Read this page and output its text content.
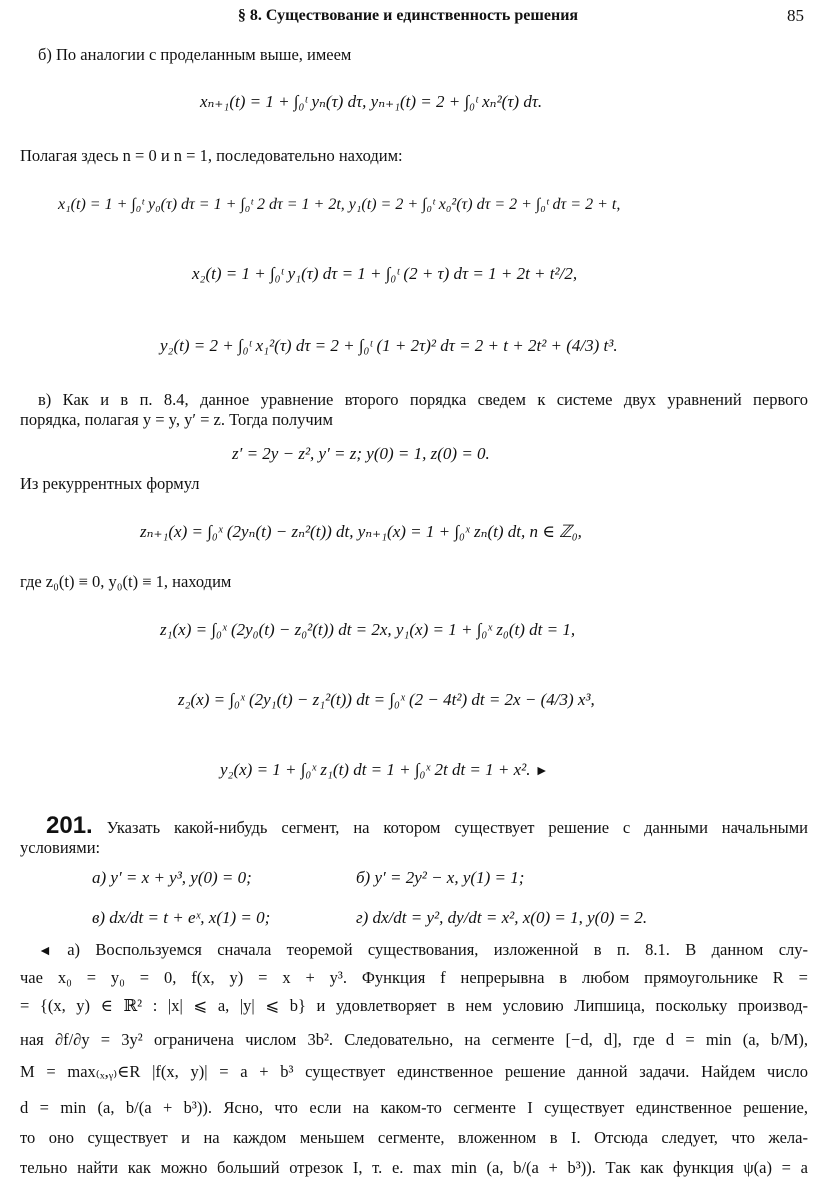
§ 8. Существование и единственность решения	85
б) По аналогии с проделанным выше, имеем
xₙ₊₁(t) = 1 + ∫₀ᵗ yₙ(τ) dτ, yₙ₊₁(t) = 2 + ∫₀ᵗ xₙ²(τ) dτ.
Полагая здесь n = 0 и n = 1, последовательно находим:
x₁(t) = 1 + ∫₀ᵗ y₀(τ) dτ = 1 + ∫₀ᵗ 2 dτ = 1 + 2t, y₁(t) = 2 + ∫₀ᵗ x₀²(τ) dτ = 2 + ∫₀ᵗ dτ = 2 + t,
x₂(t) = 1 + ∫₀ᵗ y₁(τ) dτ = 1 + ∫₀ᵗ (2 + τ) dτ = 1 + 2t + t²/2,
y₂(t) = 2 + ∫₀ᵗ x₁²(τ) dτ = 2 + ∫₀ᵗ (1 + 2τ)² dτ = 2 + t + 2t² + (4/3) t³.
в) Как и в п. 8.4, данное уравнение второго порядка сведем к системе двух уравнений первого
порядка, полагая y = y, y′ = z. Тогда получим
z′ = 2y − z², y′ = z; y(0) = 1, z(0) = 0.
Из рекуррентных формул
zₙ₊₁(x) = ∫₀ˣ (2yₙ(t) − zₙ²(t)) dt, yₙ₊₁(x) = 1 + ∫₀ˣ zₙ(t) dt, n ∈ ℤ₀,
где z₀(t) ≡ 0, y₀(t) ≡ 1, находим
z₁(x) = ∫₀ˣ (2y₀(t) − z₀²(t)) dt = 2x, y₁(x) = 1 + ∫₀ˣ z₀(t) dt = 1,
z₂(x) = ∫₀ˣ (2y₁(t) − z₁²(t)) dt = ∫₀ˣ (2 − 4t²) dt = 2x − (4/3) x³,
y₂(x) = 1 + ∫₀ˣ z₁(t) dt = 1 + ∫₀ˣ 2t dt = 1 + x². ►
201. Указать какой-нибудь сегмент, на котором существует решение с данными начальными
условиями:
а) y′ = x + y³, y(0) = 0;	б) y′ = 2y² − x, y(1) = 1;
в) dx/dt = t + eˣ, x(1) = 0;	г) dx/dt = y², dy/dt = x², x(0) = 1, y(0) = 2.
◄ а) Воспользуемся сначала теоремой существования, изложенной в п. 8.1. В данном слу-
чае x₀ = y₀ = 0, f(x, y) = x + y³. Функция f непрерывна в любом прямоугольнике R =
= {(x, y) ∈ ℝ² : |x| ⩽ a, |y| ⩽ b} и удовлетворяет в нем условию Липшица, поскольку производ-
ная ∂f/∂y = 3y² ограничена числом 3b². Следовательно, на сегменте [−d, d], где d = min (a, b/M),
M = max₍ₓ,ᵧ₎∈R |f(x, y)| = a + b³ существует единственное решение данной задачи. Найдем число
d = min (a, b/(a + b³)). Ясно, что если на каком-то сегменте I существует единственное решение,
то оно существует и на каждом меньшем сегменте, вложенном в I. Отсюда следует, что жела-
тельно найти как можно больший отрезок I, т. е. max min (a, b/(a + b³)). Так как функция ψ(a) = a
